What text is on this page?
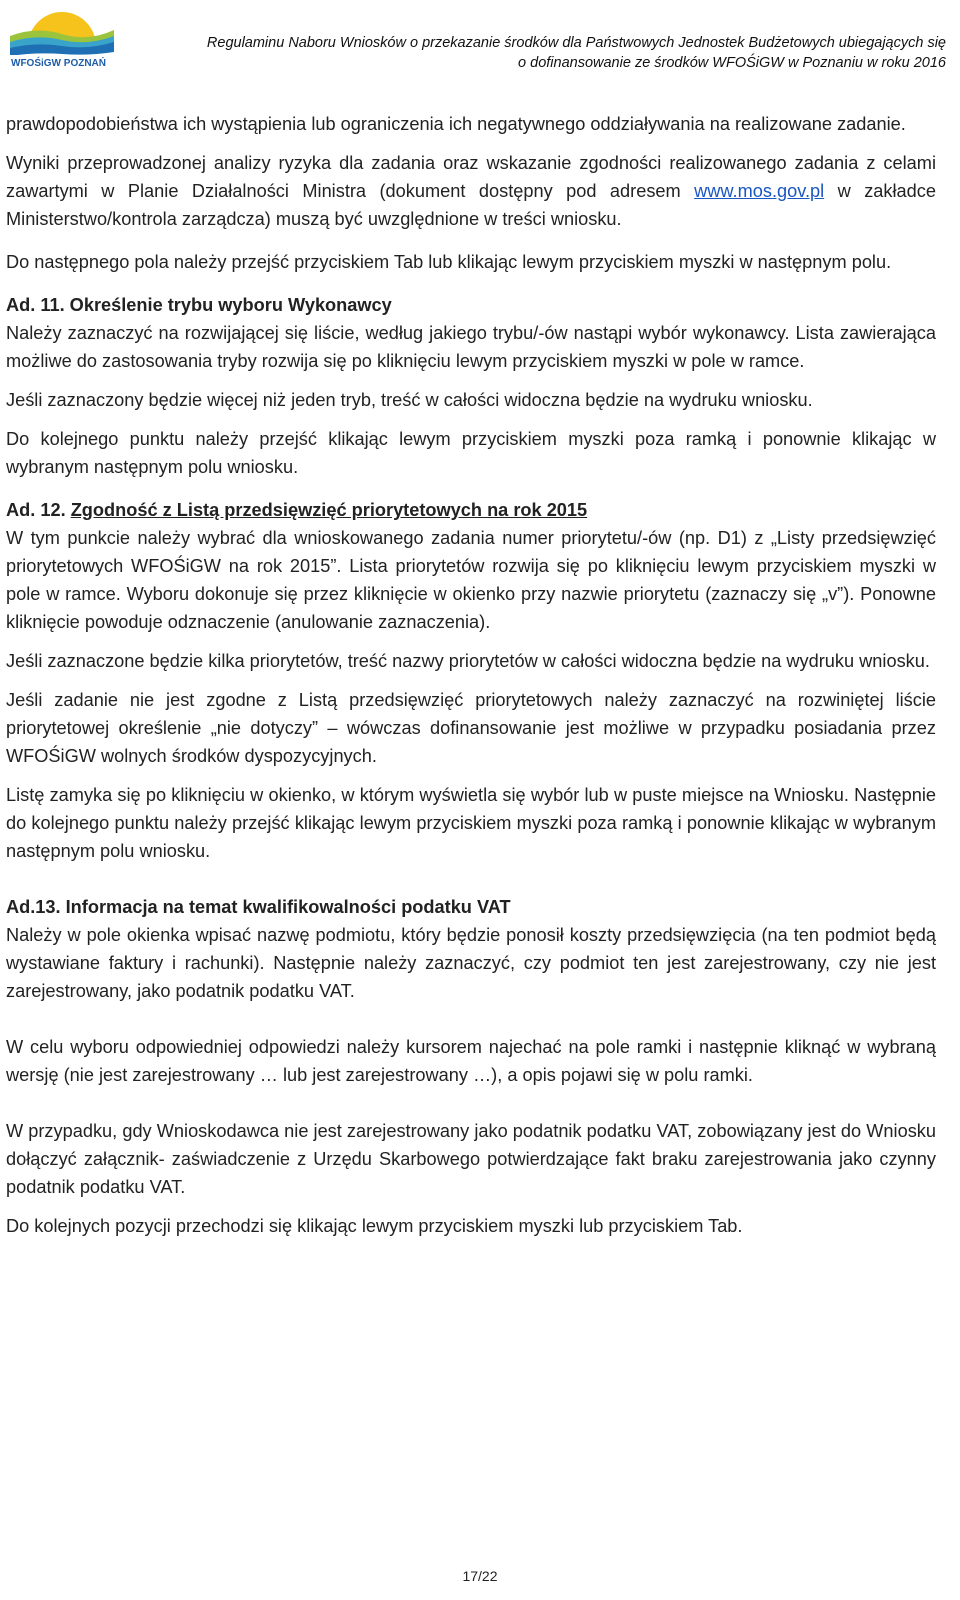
WFOŚiGW POZNAŃ
Regulaminu Naboru Wniosków o przekazanie środków dla Państwowych Jednostek Budżetowych ubiegających się
o dofinansowanie ze środków WFOŚiGW w Poznaniu w roku 2016

prawdopodobieństwa ich wystąpienia lub ograniczenia ich negatywnego oddziaływania na realizowane zadanie.

Wyniki przeprowadzonej analizy ryzyka dla zadania oraz wskazanie zgodności realizowanego zadania z celami zawartymi w Planie Działalności Ministra (dokument dostępny pod adresem www.mos.gov.pl w zakładce Ministerstwo/kontrola zarządcza) muszą być uwzględnione w treści wniosku.

Do następnego pola należy przejść przyciskiem Tab lub klikając lewym przyciskiem myszki w następnym polu.

Ad. 11. Określenie trybu wyboru Wykonawcy

Należy zaznaczyć na rozwijającej się liście, według jakiego trybu/-ów nastąpi wybór wykonawcy. Lista zawierająca możliwe do zastosowania tryby rozwija się po kliknięciu lewym przyciskiem myszki w pole w ramce.

Jeśli zaznaczony będzie więcej niż jeden tryb, treść w całości widoczna będzie na wydruku wniosku.

Do kolejnego punktu należy przejść klikając lewym przyciskiem myszki poza ramką i ponownie klikając w wybranym następnym polu wniosku.

Ad. 12. Zgodność z Listą przedsięwzięć priorytetowych na rok 2015

W tym punkcie należy wybrać dla wnioskowanego zadania numer priorytetu/-ów (np. D1) z „Listy przedsięwzięć priorytetowych WFOŚiGW na rok 2015”. Lista priorytetów rozwija się po kliknięciu lewym przyciskiem myszki w pole w ramce. Wyboru dokonuje się przez kliknięcie w okienko przy nazwie priorytetu (zaznaczy się „v”). Ponowne kliknięcie powoduje odznaczenie (anulowanie zaznaczenia).

Jeśli zaznaczone będzie kilka priorytetów, treść nazwy priorytetów w całości widoczna będzie na wydruku wniosku.

Jeśli zadanie nie jest zgodne z Listą przedsięwzięć priorytetowych należy zaznaczyć na rozwiniętej liście priorytetowej określenie „nie dotyczy” – wówczas dofinansowanie jest możliwe w przypadku posiadania przez WFOŚiGW wolnych środków dyspozycyjnych.

Listę zamyka się po kliknięciu w okienko, w którym wyświetla się wybór lub w puste miejsce na Wniosku. Następnie do kolejnego punktu należy przejść klikając lewym przyciskiem myszki poza ramką i ponownie klikając w wybranym następnym polu wniosku.

Ad.13. Informacja na temat kwalifikowalności podatku VAT

Należy w pole okienka wpisać nazwę podmiotu, który będzie ponosił koszty przedsięwzięcia (na ten podmiot będą wystawiane faktury i rachunki). Następnie należy zaznaczyć, czy podmiot ten jest zarejestrowany, czy nie jest zarejestrowany, jako podatnik podatku VAT.

W celu wyboru odpowiedniej odpowiedzi należy kursorem najechać na pole ramki i następnie kliknąć w wybraną wersję (nie jest zarejestrowany … lub jest zarejestrowany …), a opis pojawi się w polu ramki.

W przypadku, gdy Wnioskodawca nie jest zarejestrowany jako podatnik podatku VAT, zobowiązany jest do Wniosku dołączyć załącznik- zaświadczenie z Urzędu Skarbowego potwierdzające fakt braku zarejestrowania jako czynny podatnik podatku VAT.

Do kolejnych pozycji przechodzi się klikając lewym przyciskiem myszki lub przyciskiem Tab.

17/22
